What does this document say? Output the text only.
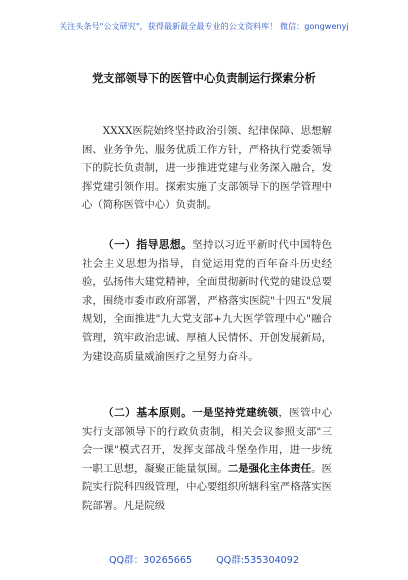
关注头条号"公文研究"，获得最新最全最专业的公文资料库！ 微信：gongwenyj
党支部领导下的医管中心负责制运行探索分析
XXXX医院始终坚持政治引领、纪律保障、思想解困、业务争先、服务优质工作方针，严格执行党委领导下的院长负责制，进一步推进党建与业务深入融合，发挥党建引领作用。探索实施了支部领导下的医学管理中心（简称医管中心）负责制。
（一）指导思想。坚持以习近平新时代中国特色社会主义思想为指导，自觉运用党的百年奋斗历史经验，弘扬伟大建党精神，全面贯彻新时代党的建设总要求，围绕市委市政府部署，严格落实医院"十四五"发展规划，全面推进"九大党支部+九大医学管理中心"融合管理，筑牢政治忠诚、厚植人民情怀、开创发展新局，为建设高质量威渝医疗之星努力奋斗。
（二）基本原则。一是坚持党建统领，医管中心实行支部领导下的行政负责制，相关会议参照支部"三会一课"模式召开，发挥支部战斗堡垒作用，进一步统一职工思想，凝聚正能量氛围。二是强化主体责任。医院实行院科四级管理，中心要组织所辖科室严格落实医院部署。凡是院级
QQ群：30265665	QQ群:535304092
